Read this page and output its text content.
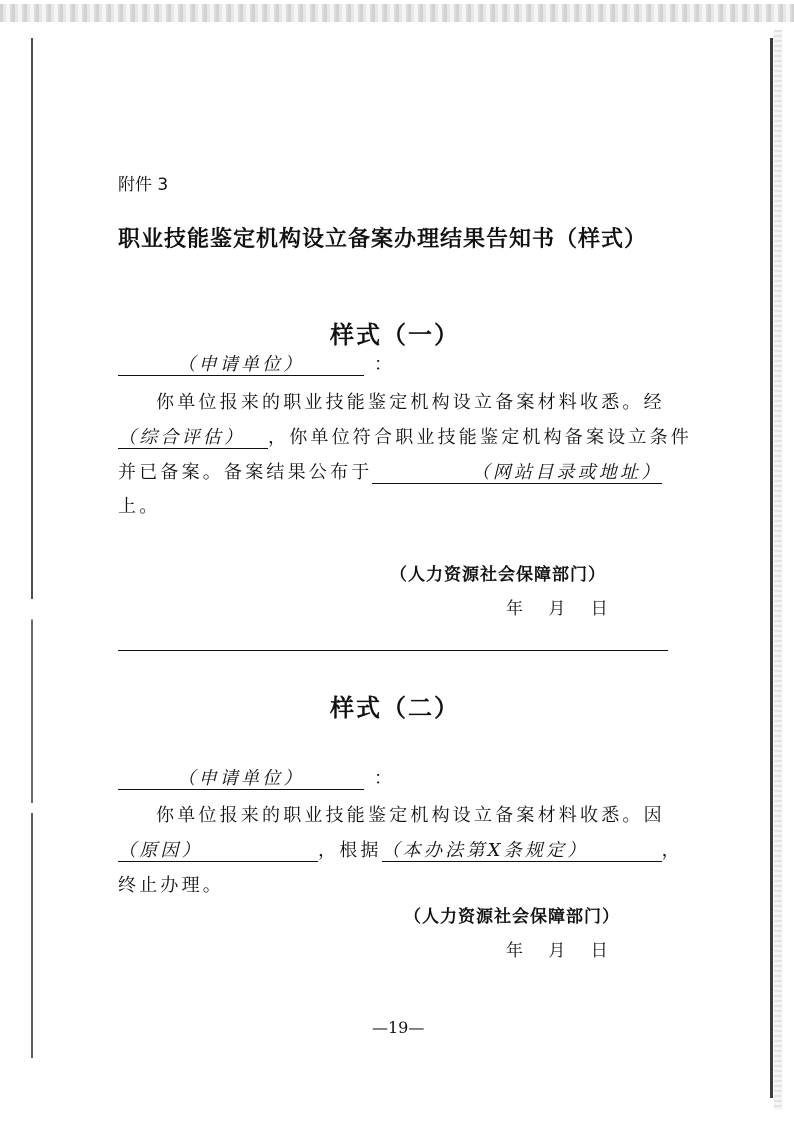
附件 3
职业技能鉴定机构设立备案办理结果告知书（样式）
样式（一）
（申请单位）	：
你单位报来的职业技能鉴定机构设立备案材料收悉。经
（综合评估） ，你单位符合职业技能鉴定机构备案设立条件
并已备案。备案结果公布于	（网站目录或地址）
上。
（人力资源社会保障部门）
年 月 日
样式（二）
（申请单位）	：
你单位报来的职业技能鉴定机构设立备案材料收悉。因
（原因）	，根据（本办法第X条规定）	，
终止办理。
（人力资源社会保障部门）
年 月 日
—19—
